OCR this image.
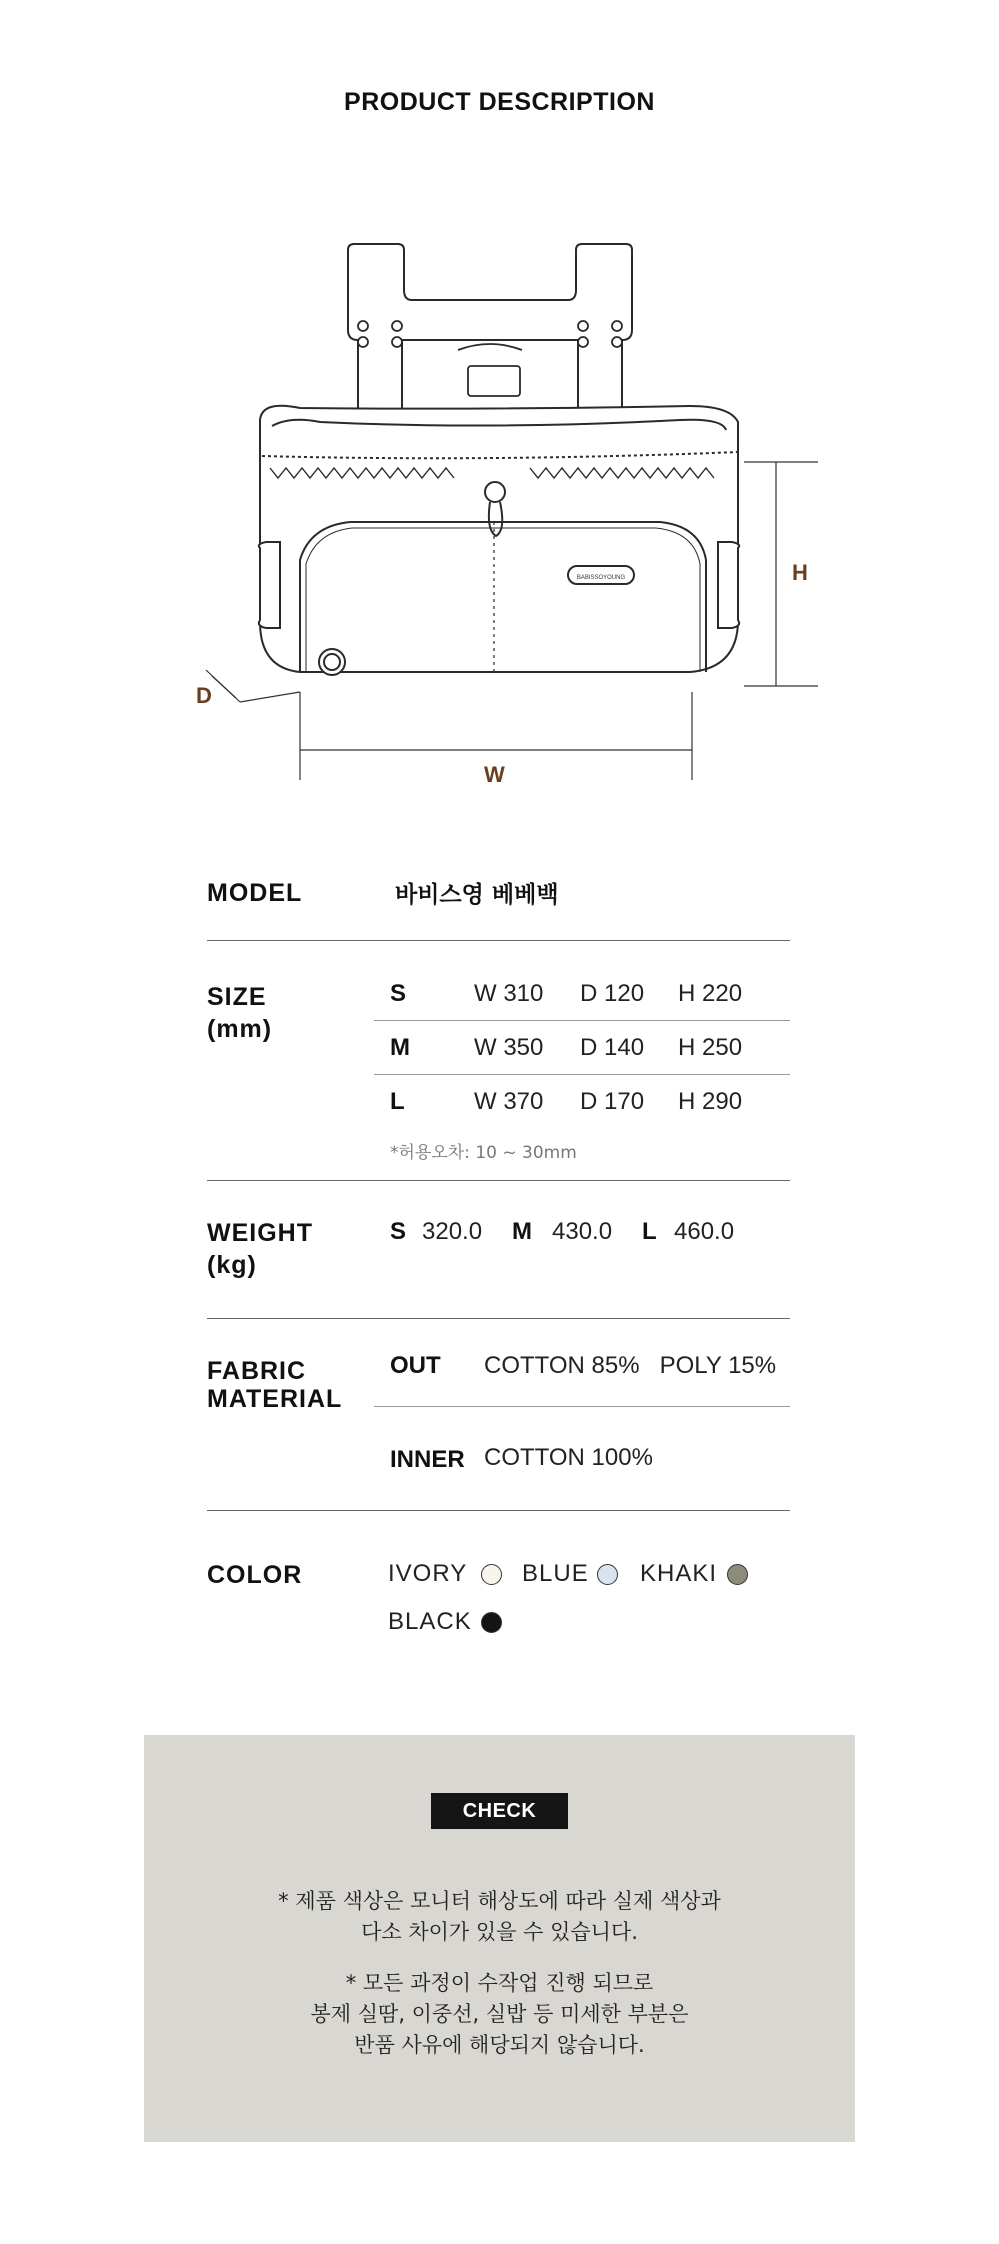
PRODUCT DESCRIPTION
BABISSOYOUNG	H
D
W
MODEL	바비스영 베베백
SIZE
(mm)
S	W 310 D 120 H 220
M	W 350 D 140 H 250
L	W 370 D 170 H 290
*허용오차: 10 ~ 30mm
WEIGHT
(kg)
S 320.0 M 430.0 L 460.0
FABRIC
MATERIAL
OUT COTTON 85%   POLY 15%
INNER COTTON 100%
COLOR	IVORY BLUE KHAKI
BLACK
CHECK
* 제품 색상은 모니터 해상도에 따라 실제 색상과
다소 차이가 있을 수 있습니다.
* 모든 과정이 수작업 진행 되므로
봉제 실땀, 이중선, 실밥 등 미세한 부분은
반품 사유에 해당되지 않습니다.
